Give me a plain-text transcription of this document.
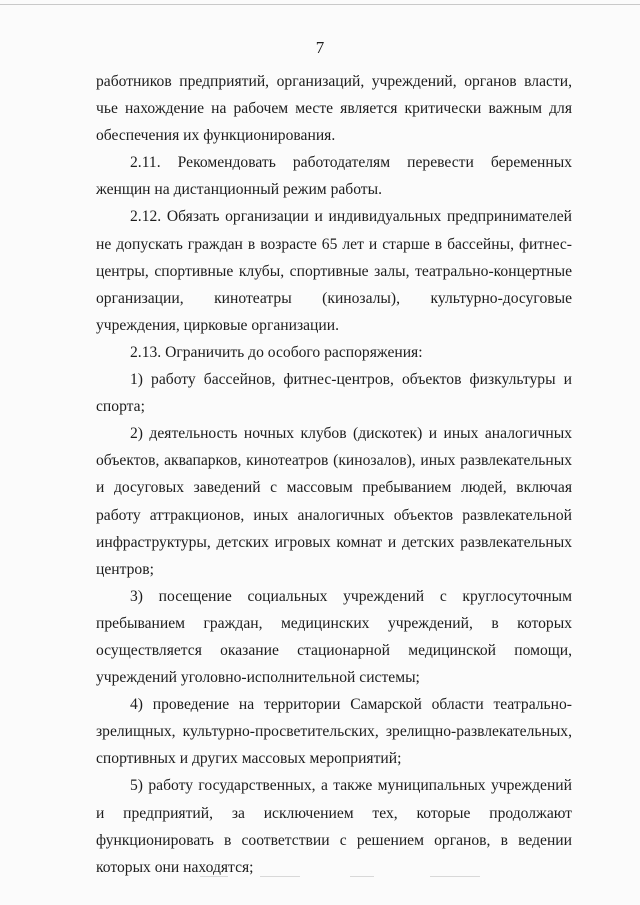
7

работников предприятий, организаций, учреждений, органов власти, чье нахождение на рабочем месте является критически важным для обеспечения их функционирования.

2.11. Рекомендовать работодателям перевести беременных женщин на дистанционный режим работы.

2.12. Обязать организации и индивидуальных предпринимателей не допускать граждан в возрасте 65 лет и старше в бассейны, фитнес-центры, спортивные клубы, спортивные залы, театрально-концертные организации, кинотеатры (кинозалы), культурно-досуговые учреждения, цирковые организации.

2.13. Ограничить до особого распоряжения:

1) работу бассейнов, фитнес-центров, объектов физкультуры и спорта;

2) деятельность ночных клубов (дискотек) и иных аналогичных объектов, аквапарков, кинотеатров (кинозалов), иных развлекательных и досуговых заведений с массовым пребыванием людей, включая работу аттракционов, иных аналогичных объектов развлекательной инфраструктуры, детских игровых комнат и детских развлекательных центров;

3) посещение социальных учреждений с круглосуточным пребыванием граждан, медицинских учреждений, в которых осуществляется оказание стационарной медицинской помощи, учреждений уголовно-исполнительной системы;

4) проведение на территории Самарской области театрально-зрелищных, культурно-просветительских, зрелищно-развлекательных, спортивных и других массовых мероприятий;

5) работу государственных, а также муниципальных учреждений и предприятий, за исключением тех, которые продолжают функционировать в соответствии с решением органов, в ведении которых они находятся;
